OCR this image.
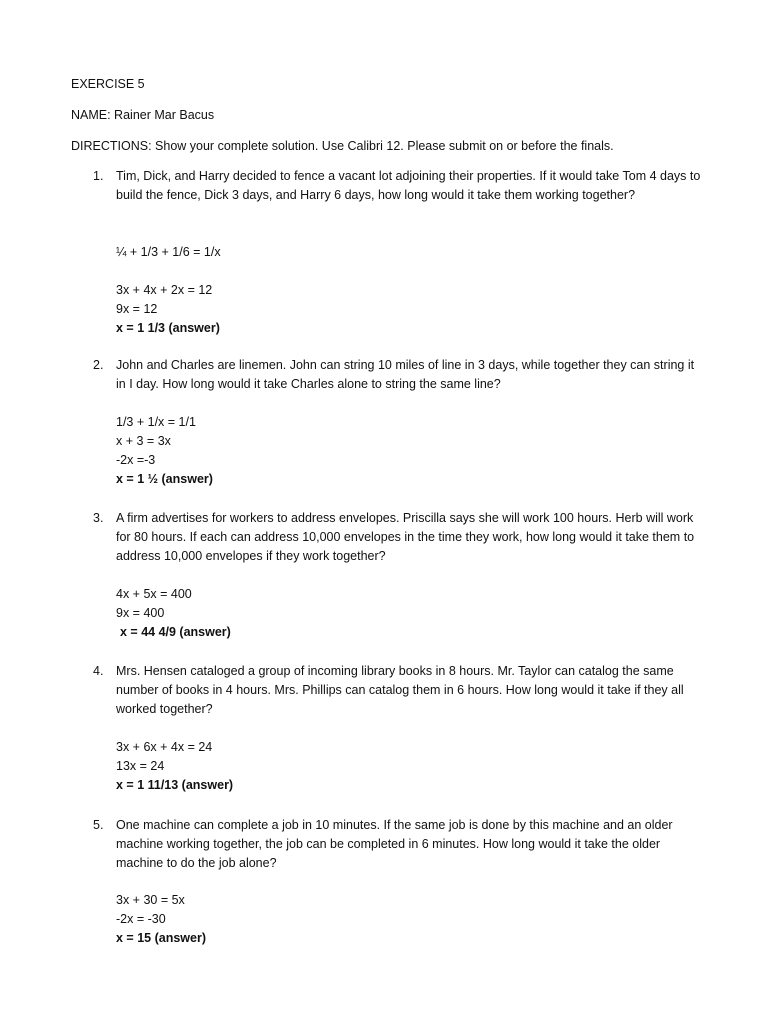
EXERCISE 5
NAME: Rainer Mar Bacus
DIRECTIONS: Show your complete solution. Use Calibri 12. Please submit on or before the finals.
1.	Tim, Dick, and Harry decided to fence a vacant lot adjoining their properties. If it would take Tom 4 days to build the fence, Dick 3 days, and Harry 6 days, how long would it take them working together?
¼ + 1/3 + 1/6 = 1/x
3x + 4x + 2x = 12
9x = 12
x = 1 1/3 (answer)
2.	John and Charles are linemen. John can string 10 miles of line in 3 days, while together they can string it in I day. How long would it take Charles alone to string the same line?
1/3 + 1/x = 1/1
x + 3 = 3x
-2x =-3
x = 1 ½ (answer)
3.	A firm advertises for workers to address envelopes. Priscilla says she will work 100 hours. Herb will work for 80 hours. If each can address 10,000 envelopes in the time they work, how long would it take them to address 10,000 envelopes if they work together?
4x + 5x = 400
9x = 400
x = 44 4/9 (answer)
4.	Mrs. Hensen cataloged a group of incoming library books in 8 hours. Mr. Taylor can catalog the same number of books in 4 hours. Mrs. Phillips can catalog them in 6 hours. How long would it take if they all worked together?
3x + 6x + 4x = 24
13x = 24
x = 1 11/13 (answer)
5.	One machine can complete a job in 10 minutes. If the same job is done by this machine and an older machine working together, the job can be completed in 6 minutes. How long would it take the older machine to do the job alone?
3x + 30 = 5x
-2x = -30
x = 15 (answer)
